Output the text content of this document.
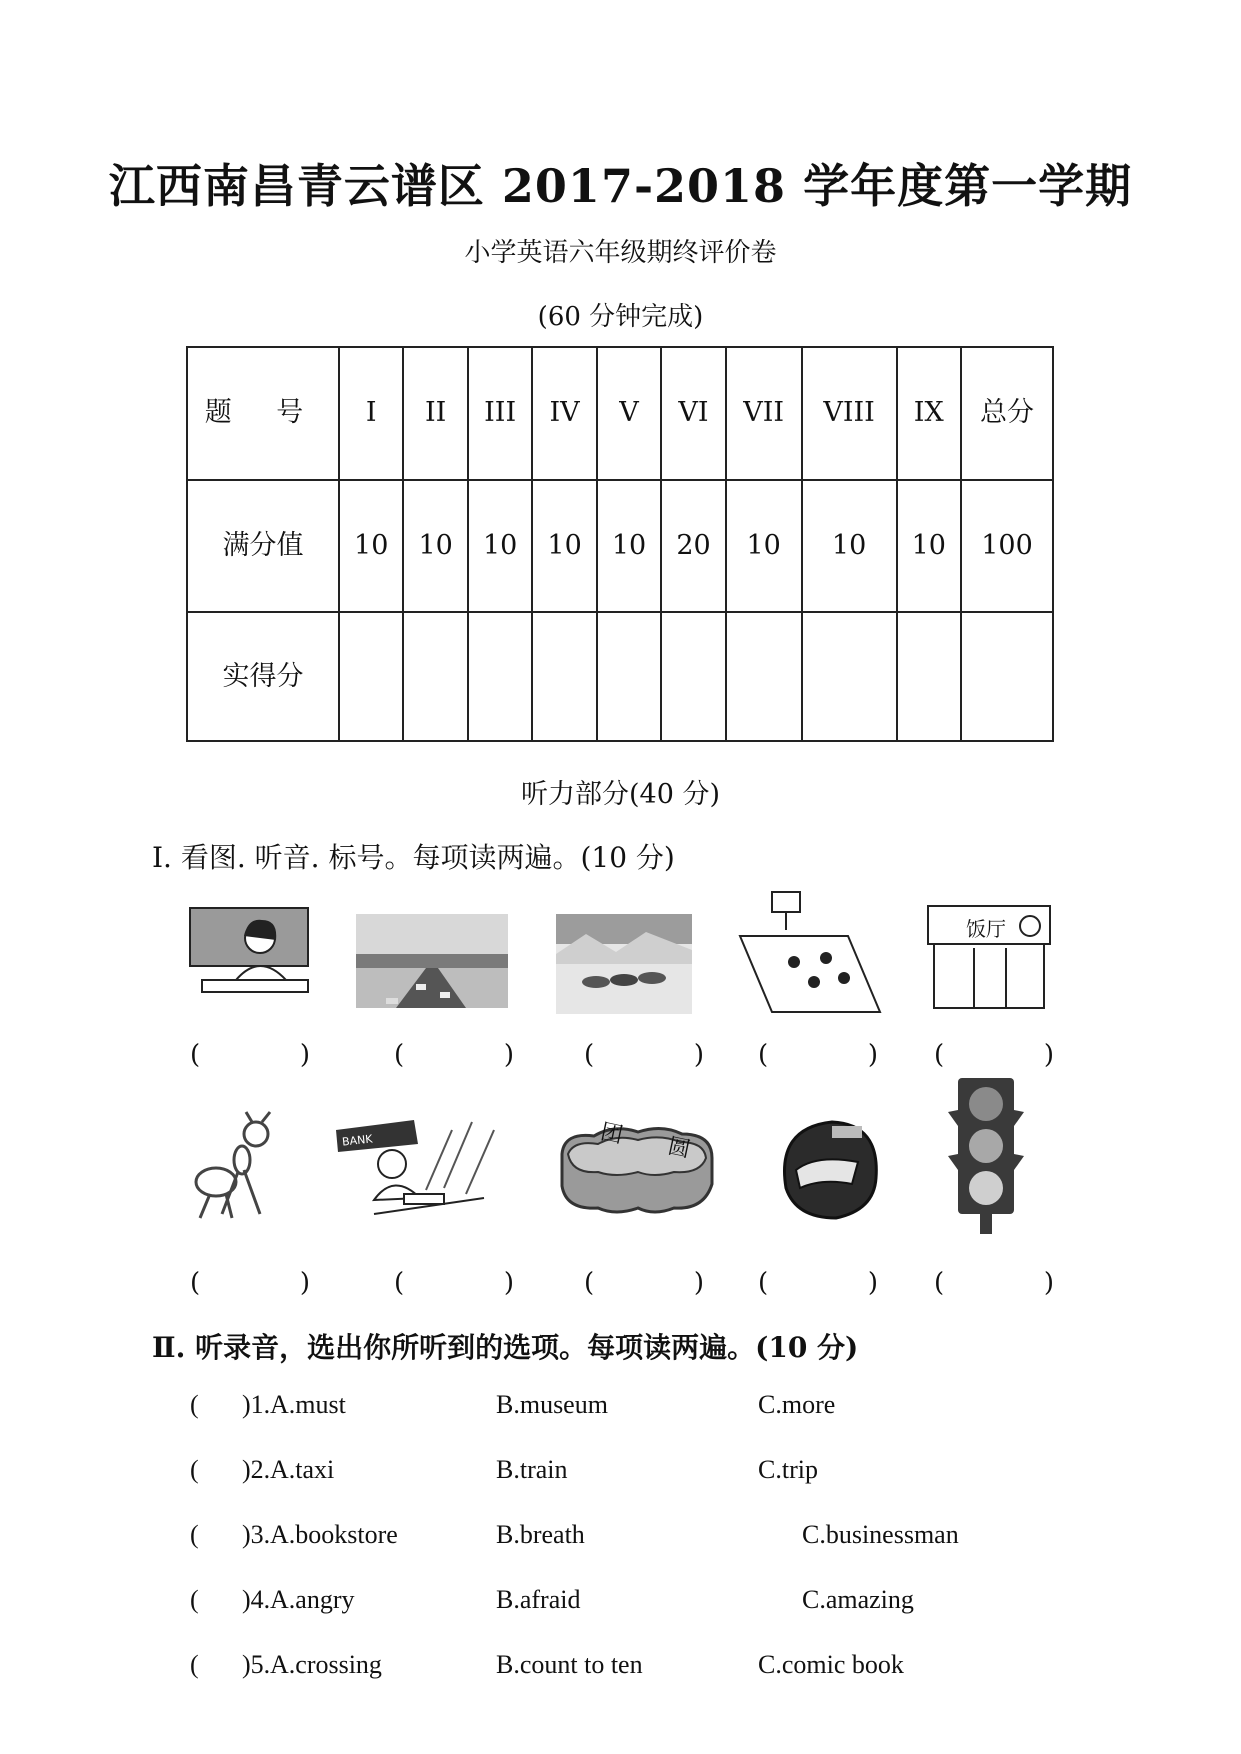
江西南昌青云谱区 2017-2018 学年度第一学期
小学英语六年级期终评价卷
(60 分钟完成)
题 号	I	II	III	IV	V	VI	VII	VIII	IX	总分
满分值	10	10	10	10	10	20	10	10	10	100
实得分										
听力部分(40 分)
Ⅰ. 看图. 听音. 标号。每项读两遍。(10 分)
饭厅
(	)	(	)	(	) (	) (	)
BANK	团 圆
(	)	(	)	(	) (	) (	)
Ⅱ. 听录音，选出你所听到的选项。每项读两遍。(10 分)
( )1. A.must	B.museum	C.more
( )2. A.taxi	B.train	C.trip
( )3. A.bookstore	B.breath	C.businessman
( )4. A.angry	B.afraid	C.amazing
( )5. A.crossing	B.count to ten	C.comic book
